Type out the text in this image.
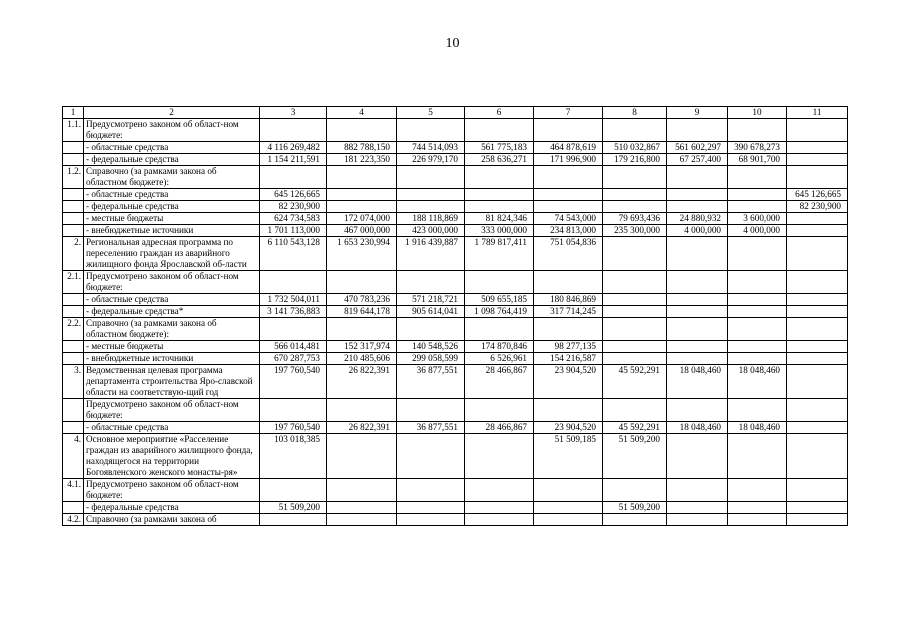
10
1	2	3	4	5	6	7	8	9	10	11
1.1.	Предусмотрено законом об област-ном бюджете:									
	- областные средства	4 116 269,482	882 788,150	744 514,093	561 775,183	464 878,619	510 032,867	561 602,297	390 678,273	
	- федеральные средства	1 154 211,591	181 223,350	226 979,170	258 636,271	171 996,900	179 216,800	67 257,400	68 901,700	
1.2.	Справочно (за рамками закона об областном бюджете):									
	- областные средства	645 126,665								645 126,665
	- федеральные средства	82 230,900								82 230,900
	- местные бюджеты	624 734,583	172 074,000	188 118,869	81 824,346	74 543,000	79 693,436	24 880,932	3 600,000	
	- внебюджетные источники	1 701 113,000	467 000,000	423 000,000	333 000,000	234 813,000	235 300,000	4 000,000	4 000,000	
2.	Региональная адресная программа по переселению граждан из аварийного жилищного фонда Ярославской об-ласти	6 110 543,128	1 653 230,994	1 916 439,887	1 789 817,411	751 054,836				
2.1.	Предусмотрено законом об област-ном бюджете:									
	- областные средства	1 732 504,011	470 783,236	571 218,721	509 655,185	180 846,869				
	- федеральные средства*	3 141 736,883	819 644,178	905 614,041	1 098 764,419	317 714,245				
2.2.	Справочно (за рамками закона об областном бюджете):									
	- местные бюджеты	566 014,481	152 317,974	140 548,526	174 870,846	98 277,135				
	- внебюджетные источники	670 287,753	210 485,606	299 058,599	6 526,961	154 216,587				
3.	Ведомственная целевая программа департамента строительства Яро-славской области на соответствую-щий год	197 760,540	26 822,391	36 877,551	28 466,867	23 904,520	45 592,291	18 048,460	18 048,460	
	Предусмотрено законом об област-ном бюджете:									
	- областные средства	197 760,540	26 822,391	36 877,551	28 466,867	23 904,520	45 592,291	18 048,460	18 048,460	
4.	Основное мероприятие «Расселение граждан из аварийного жилищного фонда, находящегося на территории Богоявленского женского монасты-ря»	103 018,385				51 509,185	51 509,200			
4.1.	Предусмотрено законом об област-ном бюджете:									
	- федеральные средства	51 509,200					51 509,200			
4.2.	Справочно (за рамками закона об									
